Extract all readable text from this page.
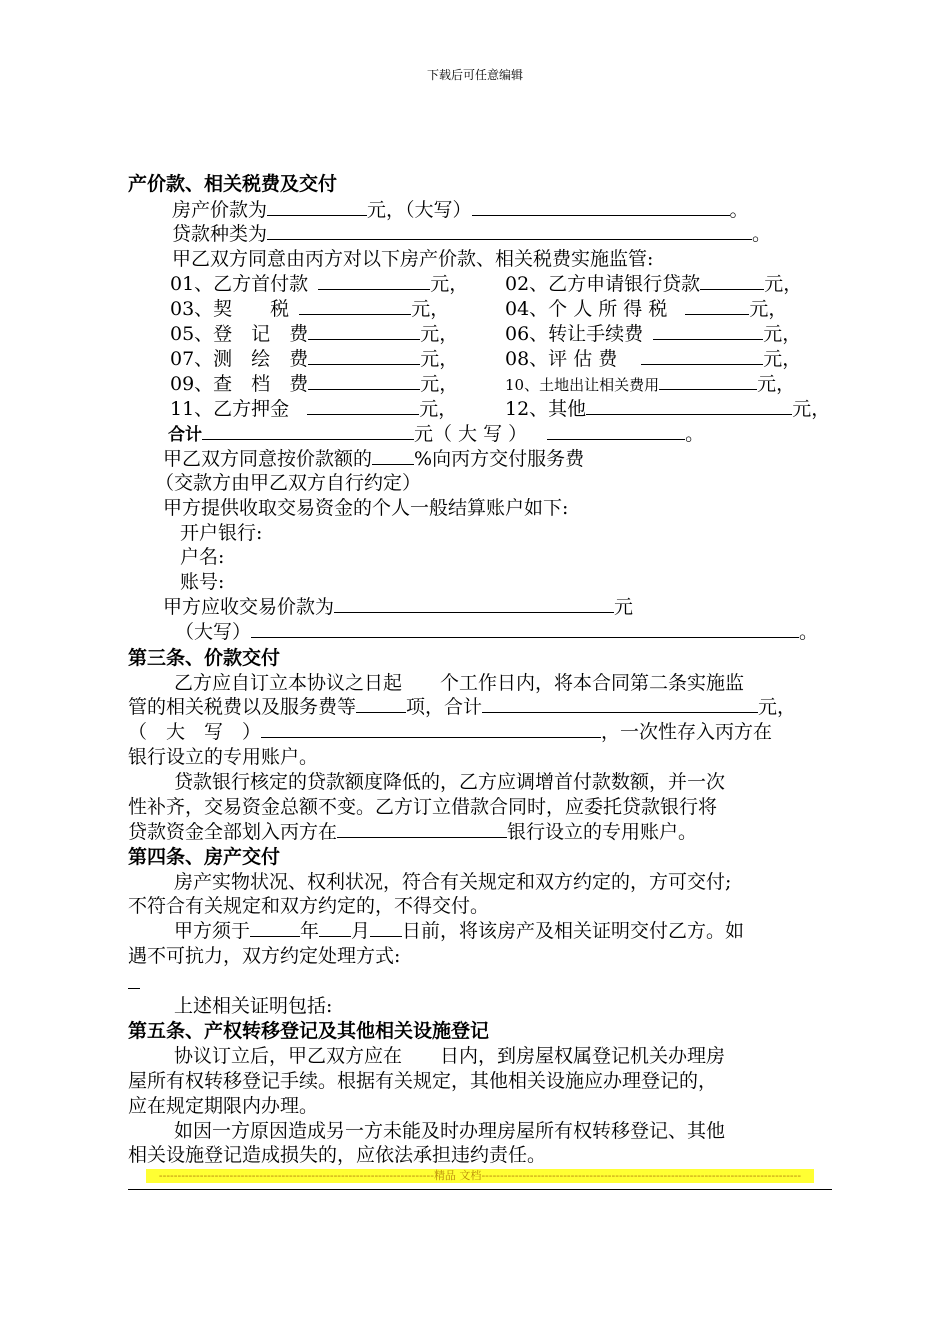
下载后可任意编辑
产价款、相关税费及交付
房产价款为	元，（大写）	。
贷款种类为	。
甲乙双方同意由丙方对以下房产价款、相关税费实施监管:
01、乙方首付款	元， 02、乙方申请银行贷款	元，
03、契　　税	元，	04、个 人 所 得 税	元，
05、登　记　费	元， 06、转让手续费	元，
07、测　绘　费	元， 08、评 估 费	元，
09、查　档　费	元，	10、土地出让相关费用	元，
11、乙方押金	元，	12、其他	元，
合计	元（ 大 写 ）	。
甲乙双方同意按价款额的 %向丙方交付服务费
（交款方由甲乙双方自行约定）
甲方提供收取交易资金的个人一般结算账户如下:
开户银行:
户名:
账号:
甲方应收交易价款为	元
（大写）	。
第三条、价款交付
乙方应自订立本协议之日起　　个工作日内，将本合同第二条实施监
管的相关税费以及服务费等	项，合计	元，
（　大　写　）	，一次性存入丙方在
银行设立的专用账户。
贷款银行核定的贷款额度降低的，乙方应调增首付款数额，并一次
性补齐，交易资金总额不变。乙方订立借款合同时，应委托贷款银行将
贷款资金全部划入丙方在	银行设立的专用账户。
第四条、房产交付
房产实物状况、权利状况，符合有关规定和双方约定的，方可交付;
不符合有关规定和双方约定的，不得交付。
甲方须于	年 月 日前，将该房产及相关证明交付乙方。如
遇不可抗力，双方约定处理方式:
上述相关证明包括:
第五条、产权转移登记及其他相关设施登记
协议订立后，甲乙双方应在　　日内，到房屋权属登记机关办理房
屋所有权转移登记手续。根据有关规定，其他相关设施应办理登记的，
应在规定期限内办理。
如因一方原因造成另一方未能及时办理房屋所有权转移登记、其他
相关设施登记造成损失的，应依法承担违约责任。
--------------------------------------------------------------------------精品 文档--------------------------------------------------------------------------------------
